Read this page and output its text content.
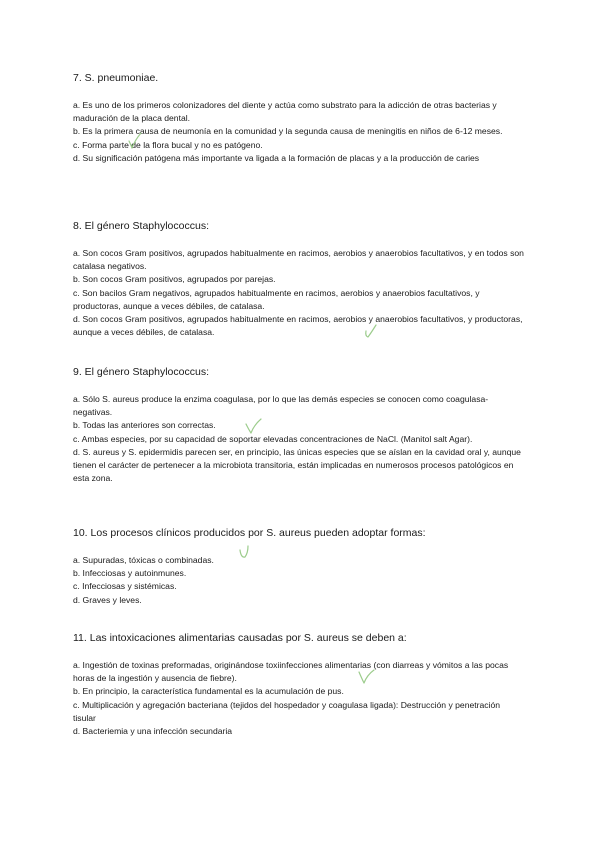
7. S. pneumoniae.

a. Es uno de los primeros colonizadores del diente y actúa como substrato para la adicción de otras bacterias y maduración de la placa dental.

b. Es la primera causa de neumonía en la comunidad y la segunda causa de meningitis en niños de 6-12 meses.

c. Forma parte de la flora bucal y no es patógeno.

d. Su significación patógena más importante va ligada a la formación de placas y a la producción de caries

8. El género Staphylococcus:

a. Son cocos Gram positivos, agrupados habitualmente en racimos, aerobios y anaerobios facultativos, y en todos son catalasa negativos.

b. Son cocos Gram positivos, agrupados por parejas.

c. Son bacilos Gram negativos, agrupados habitualmente en racimos, aerobios y anaerobios facultativos, y productoras, aunque a veces débiles, de catalasa.

d. Son cocos Gram positivos, agrupados habitualmente en racimos, aerobios y anaerobios facultativos, y productoras, aunque a veces débiles, de catalasa.

9. El género Staphylococcus:

a. Sólo S. aureus produce la enzima coagulasa, por lo que las demás especies se conocen como coagulasa-negativas.

b. Todas las anteriores son correctas.

c. Ambas especies, por su capacidad de soportar elevadas concentraciones de NaCl. (Manitol salt Agar).

d. S. aureus y S. epidermidis parecen ser, en principio, las únicas especies que se aíslan en la cavidad oral y, aunque tienen el carácter de pertenecer a la microbiota transitoria, están implicadas en numerosos procesos patológicos en esta zona.

10. Los procesos clínicos producidos por S. aureus pueden adoptar formas:

a. Supuradas, tóxicas o combinadas.

b. Infecciosas y autoinmunes.

c. Infecciosas y sistémicas.

d. Graves y leves.

11. Las intoxicaciones alimentarias causadas por S. aureus se deben a:

a. Ingestión de toxinas preformadas, originándose toxiinfecciones alimentarias (con diarreas y vómitos a las pocas horas de la ingestión y ausencia de fiebre).

b. En principio, la característica fundamental es la acumulación de pus.

c. Multiplicación y agregación bacteriana (tejidos del hospedador y coagulasa ligada): Destrucción y penetración tisular

d. Bacteriemia y una infección secundaria
